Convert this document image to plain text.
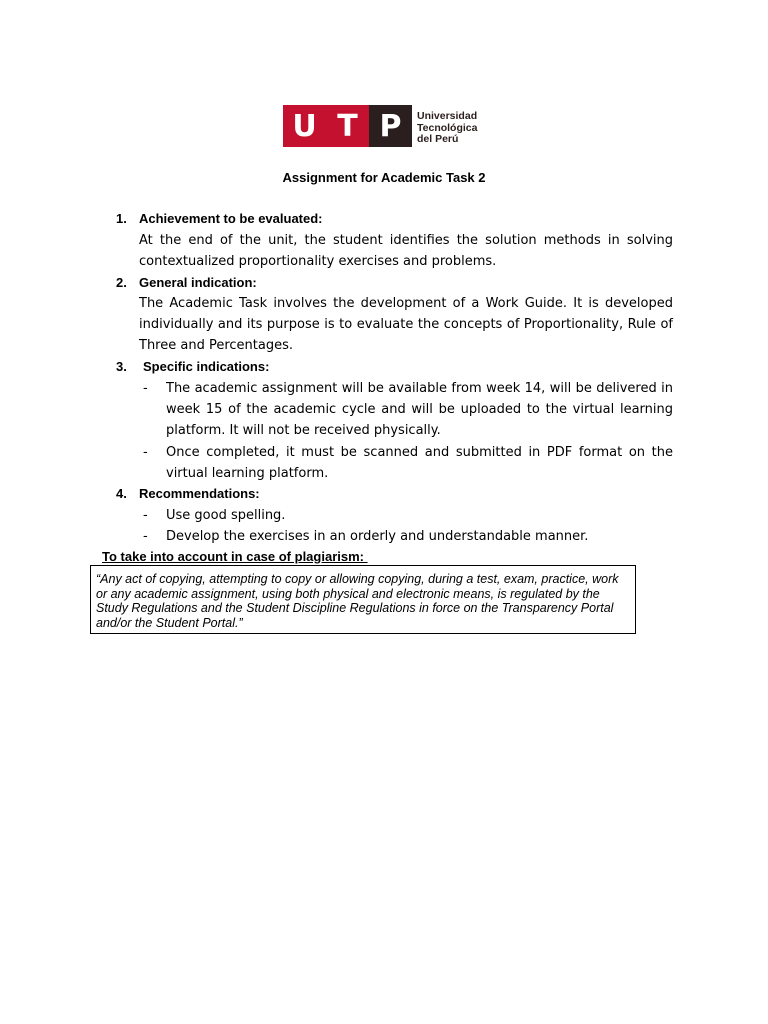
U T P	Universidad
Tecnológica
del Perú
Assignment for Academic Task 2
1. Achievement to be evaluated:
At the end of the unit, the student identifies the solution methods in solving contextualized proportionality exercises and problems.
2. General indication:
The Academic Task involves the development of a Work Guide. It is developed individually and its purpose is to evaluate the concepts of Proportionality, Rule of Three and Percentages.
3. Specific indications:
- The academic assignment will be available from week 14, will be delivered in week 15 of the academic cycle and will be uploaded to the virtual learning platform. It will not be received physically.
- Once completed, it must be scanned and submitted in PDF format on the virtual learning platform.
4. Recommendations:
- Use good spelling.
- Develop the exercises in an orderly and understandable manner.
To take into account in case of plagiarism:
“Any act of copying, attempting to copy or allowing copying, during a test, exam, practice, work or any academic assignment, using both physical and electronic means, is regulated by the Study Regulations and the Student Discipline Regulations in force on the Transparency Portal and/or the Student Portal.”
